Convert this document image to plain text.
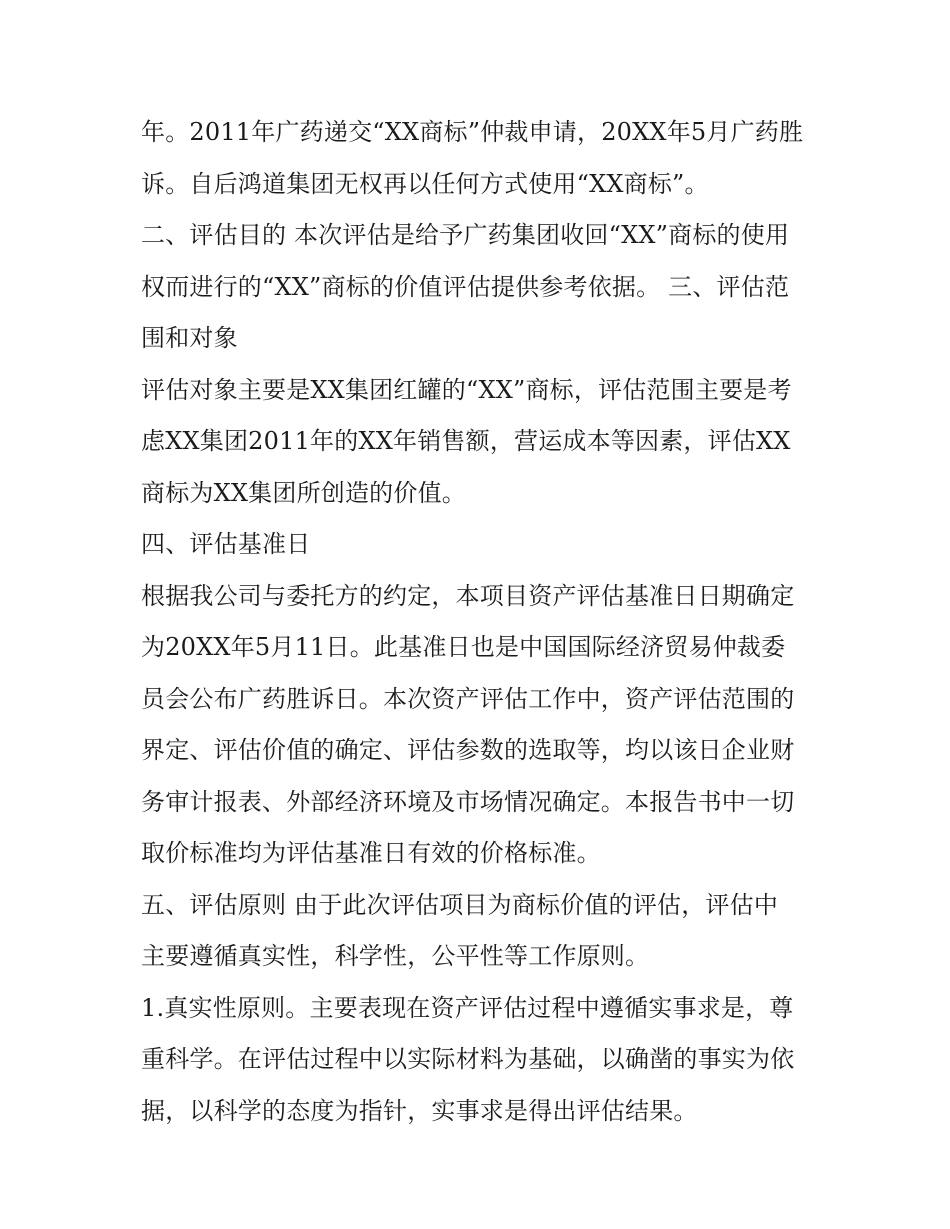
年。2011年广药递交“XX商标”仲裁申请，20XX年5月广药胜
诉。自后鸿道集团无权再以任何方式使用“XX商标”。
二、评估目的 本次评估是给予广药集团收回“XX”商标的使用
权而进行的“XX”商标的价值评估提供参考依据。 三、评估范
围和对象
评估对象主要是XX集团红罐的“XX”商标，评估范围主要是考
虑XX集团2011年的XX年销售额，营运成本等因素，评估XX
商标为XX集团所创造的价值。
四、评估基准日
根据我公司与委托方的约定，本项目资产评估基准日日期确定
为20XX年5月11日。此基准日也是中国国际经济贸易仲裁委
员会公布广药胜诉日。本次资产评估工作中，资产评估范围的
界定、评估价值的确定、评估参数的选取等，均以该日企业财
务审计报表、外部经济环境及市场情况确定。本报告书中一切
取价标准均为评估基准日有效的价格标准。
五、评估原则 由于此次评估项目为商标价值的评估，评估中
主要遵循真实性，科学性，公平性等工作原则。
1.真实性原则。主要表现在资产评估过程中遵循实事求是，尊
重科学。在评估过程中以实际材料为基础，以确凿的事实为依
据，以科学的态度为指针，实事求是得出评估结果。
